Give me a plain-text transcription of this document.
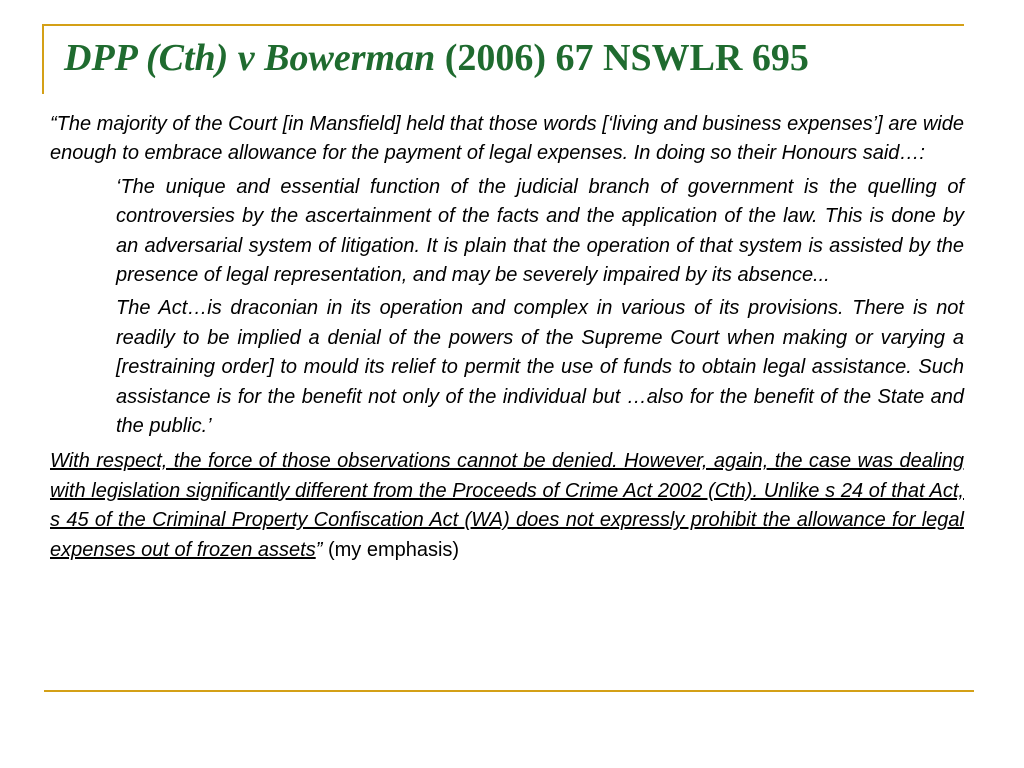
DPP (Cth) v Bowerman (2006) 67 NSWLR 695

“The majority of the Court [in Mansfield] held that those words [‘living and business expenses’] are wide enough to embrace allowance for the payment of legal expenses. In doing so their Honours said…:

‘The unique and essential function of the judicial branch of government is the quelling of controversies by the ascertainment of the facts and the application of the law. This is done by an adversarial system of litigation. It is plain that the operation of that system is assisted by the presence of legal representation, and may be severely impaired by its absence...

The Act…is draconian in its operation and complex in various of its provisions. There is not readily to be implied a denial of the powers of the Supreme Court when making or varying a [restraining order] to mould its relief to permit the use of funds to obtain legal assistance. Such assistance is for the benefit not only of the individual but …also for the benefit of the State and the public.’

With respect, the force of those observations cannot be denied. However, again, the case was dealing with legislation significantly different from the Proceeds of Crime Act 2002 (Cth). Unlike s 24 of that Act, s 45 of the Criminal Property Confiscation Act (WA) does not expressly prohibit the allowance for legal expenses out of frozen assets” (my emphasis)
